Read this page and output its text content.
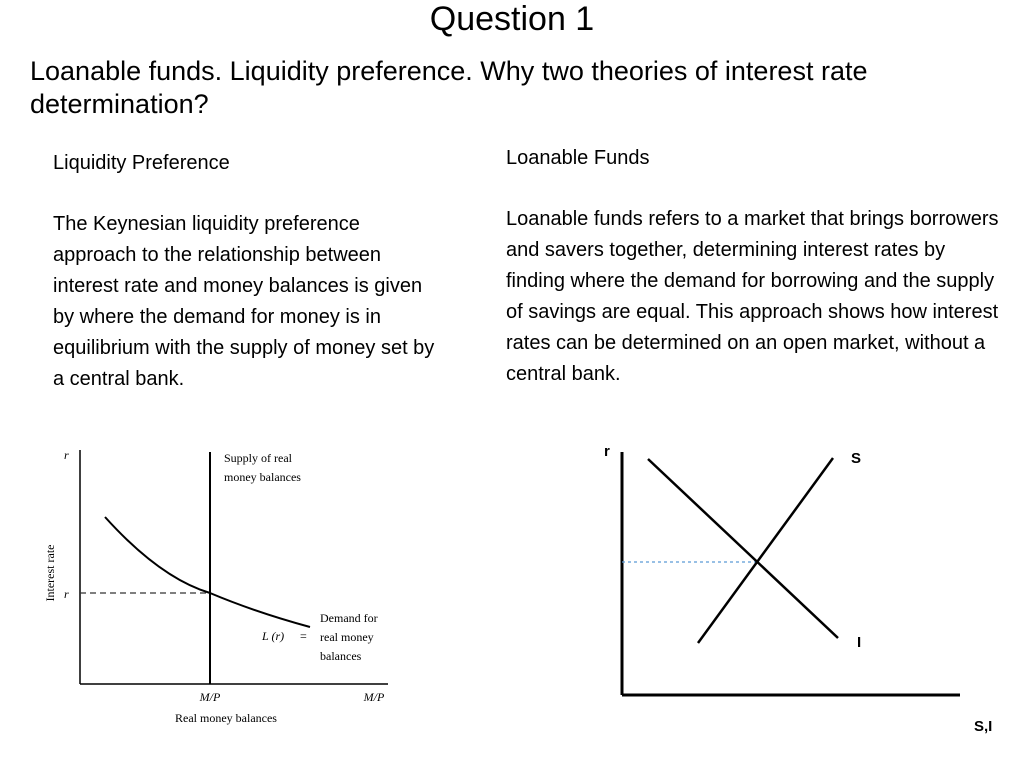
Question 1
Loanable funds. Liquidity preference. Why two theories of interest rate determination?
Liquidity Preference
The Keynesian liquidity preference approach to the relationship between interest rate and money balances is given by where the demand for money is in equilibrium with the supply of money set by a central bank.
Loanable Funds
Loanable funds refers to a market that brings borrowers and savers together, determining interest rates by finding where the demand for borrowing and the supply of savings are equal. This approach shows how interest rates can be determined on an open market, without a central bank.
r
Interest rate r
Supply of real
money balances
L (r) =
Demand for
real money
balances
M/P	M/P
Real money balances
r	S
I
S,I
